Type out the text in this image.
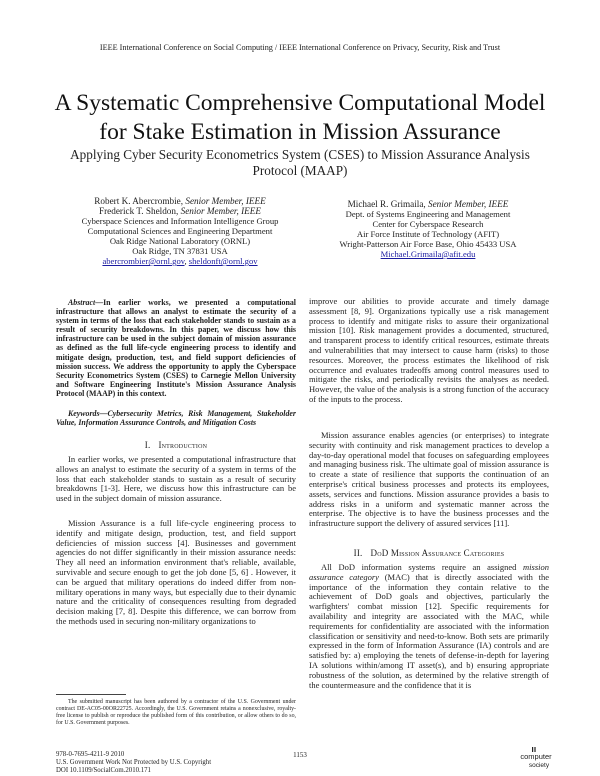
IEEE International Conference on Social Computing / IEEE International Conference on Privacy, Security, Risk and Trust
A Systematic Comprehensive Computational Model
for Stake Estimation in Mission Assurance
Applying Cyber Security Econometrics System (CSES) to Mission Assurance Analysis
Protocol (MAAP)
Robert K. Abercrombie, Senior Member, IEEE
Frederick T. Sheldon, Senior Member, IEEE
Cyberspace Sciences and Information Intelligence Group
Computational Sciences and Engineering Department
Oak Ridge National Laboratory (ORNL)
Oak Ridge, TN 37831 USA
abercrombier@ornl.gov, sheldonft@ornl.gov
Michael R. Grimaila, Senior Member, IEEE
Dept. of Systems Engineering and Management
Center for Cyberspace Research
Air Force Institute of Technology (AFIT)
Wright-Patterson Air Force Base, Ohio 45433 USA
Michael.Grimaila@afit.edu

Abstract—In earlier works, we presented a computational infrastructure that allows an analyst to estimate the security of a system in terms of the loss that each stakeholder stands to sustain as a result of security breakdowns. In this paper, we discuss how this infrastructure can be used in the subject domain of mission assurance as defined as the full life-cycle engineering process to identify and mitigate design, production, test, and field support deficiencies of mission success. We address the opportunity to apply the Cyberspace Security Econometrics System (CSES) to Carnegie Mellon University and Software Engineering Institute's Mission Assurance Analysis Protocol (MAAP) in this context.

Keywords—Cybersecurity Metrics, Risk Management, Stakeholder Value, Information Assurance Controls, and Mitigation Costs

I. Introduction

In earlier works, we presented a computational infrastructure that allows an analyst to estimate the security of a system in terms of the loss that each stakeholder stands to sustain as a result of security breakdowns [1-3]. Here, we discuss how this infrastructure can be used in the subject domain of mission assurance.

Mission Assurance is a full life-cycle engineering process to identify and mitigate design, production, test, and field support deficiencies of mission success [4]. Businesses and government agencies do not differ significantly in their mission assurance needs: They all need an information environment that's reliable, available, survivable and secure enough to get the job done [5, 6] . However, it can be argued that military operations do indeed differ from non-military operations in many ways, but especially due to their dynamic nature and the criticality of consequences resulting from degraded decision making [7, 8]. Despite this difference, we can borrow from the methods used in securing non-military organizations to

The submitted manuscript has been authored by a contractor of the U.S. Government under contract DE-AC05-00OR22725. Accordingly, the U.S. Government retains a nonexclusive, royalty-free license to publish or reproduce the published form of this contribution, or allow others to do so, for U.S. Government purposes.

improve our abilities to provide accurate and timely damage assessment [8, 9]. Organizations typically use a risk management process to identify and mitigate risks to assure their organizational mission [10]. Risk management provides a documented, structured, and transparent process to identify critical resources, estimate threats and vulnerabilities that may intersect to cause harm (risks) to those resources. Moreover, the process estimates the likelihood of risk occurrence and evaluates tradeoffs among control measures used to mitigate the risks, and periodically revisits the analyses as needed. However, the value of the analysis is a strong function of the accuracy of the inputs to the process.

Mission assurance enables agencies (or enterprises) to integrate security with continuity and risk management practices to develop a day-to-day operational model that focuses on safeguarding employees and managing business risk. The ultimate goal of mission assurance is to create a state of resilience that supports the continuation of an enterprise's critical business processes and protects its employees, assets, services and functions. Mission assurance provides a basis to address risks in a uniform and systematic manner across the enterprise. The objective is to have the business processes and the infrastructure support the delivery of assured services [11].

II. DoD Mission Assurance Categories

All DoD information systems require an assigned mission assurance category (MAC) that is directly associated with the importance of the information they contain relative to the achievement of DoD goals and objectives, particularly the warfighters' combat mission [12]. Specific requirements for availability and integrity are associated with the MAC, while requirements for confidentiality are associated with the information classification or sensitivity and need-to-know. Both sets are primarily expressed in the form of Information Assurance (IA) controls and are satisfied by: a) employing the tenets of defense-in-depth for layering IA solutions within/among IT asset(s), and b) ensuring appropriate robustness of the solution, as determined by the relative strength of the countermeasure and the confidence that it is

978-0-7695-4211-9 2010
U.S. Government Work Not Protected by U.S. Copyright
DOI 10.1109/SocialCom.2010.171
1153	computer
society
